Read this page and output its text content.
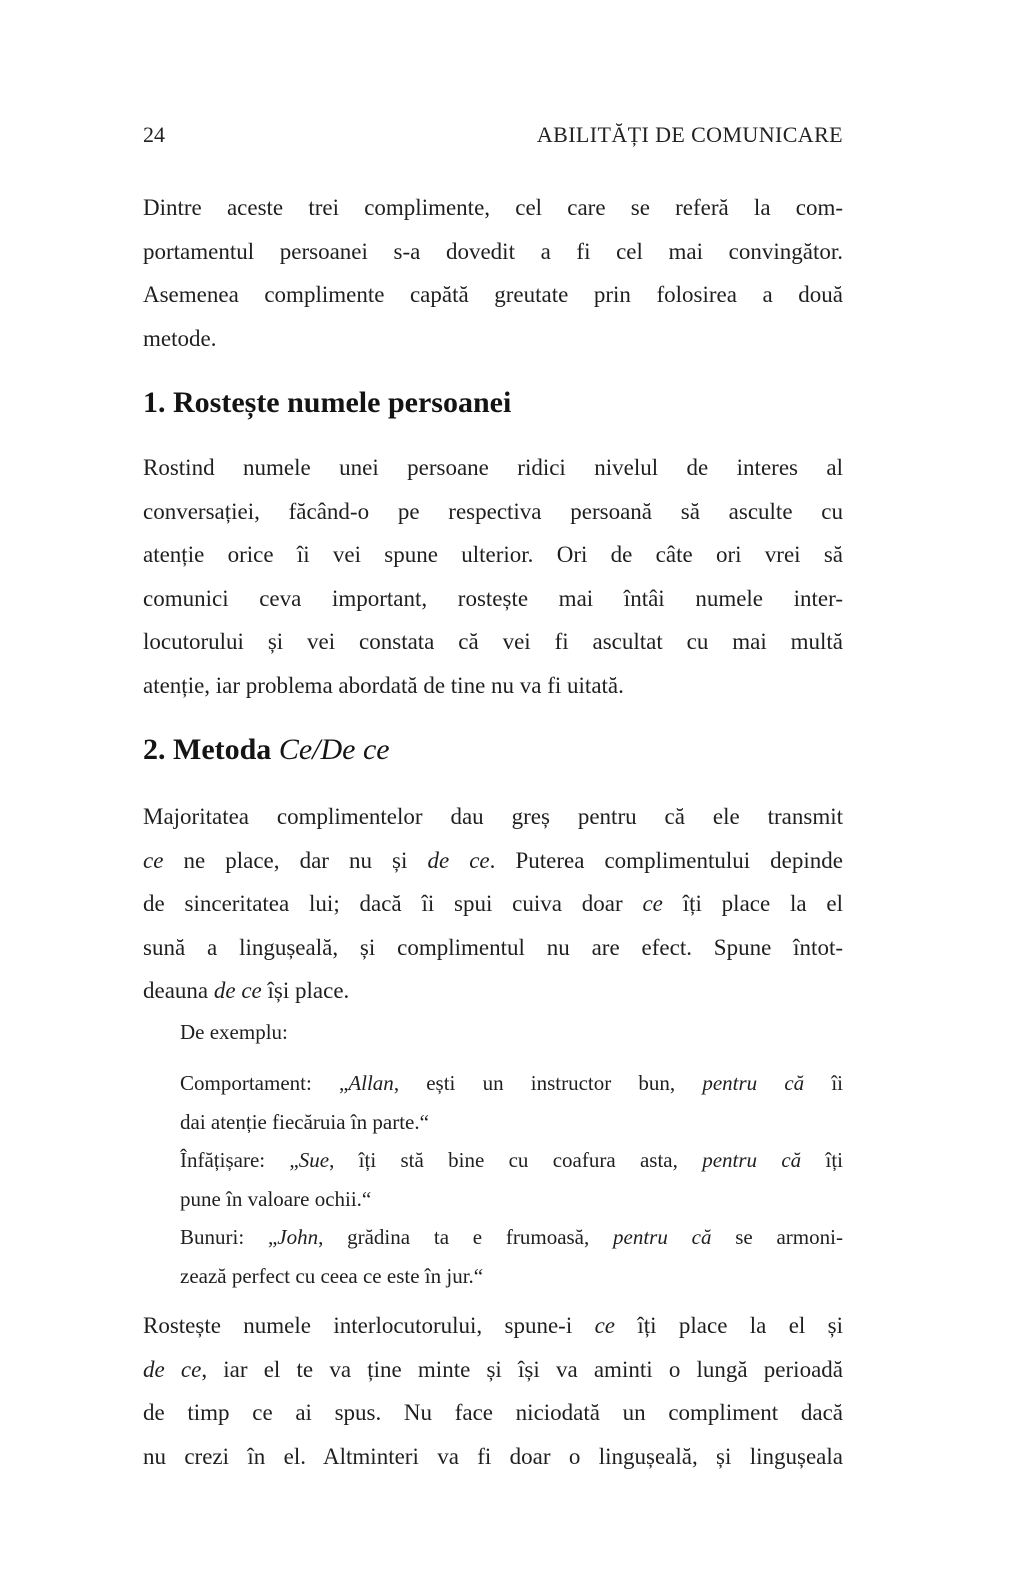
24	ABILITĂȚI DE COMUNICARE
Dintre aceste trei complimente, cel care se referă la com-
portamentul persoanei s-a dovedit a fi cel mai convingător.
Asemenea complimente capătă greutate prin folosirea a două
metode.
1. Rostește numele persoanei
Rostind numele unei persoane ridici nivelul de interes al
conversației, făcând-o pe respectiva persoană să asculte cu
atenție orice îi vei spune ulterior. Ori de câte ori vrei să
comunici ceva important, rostește mai întâi numele inter-
locutorului și vei constata că vei fi ascultat cu mai multă
atenție, iar problema abordată de tine nu va fi uitată.
2. Metoda Ce/De ce
Majoritatea complimentelor dau greș pentru că ele transmit
ce ne place, dar nu și de ce. Puterea complimentului depinde
de sinceritatea lui; dacă îi spui cuiva doar ce îți place la el
sună a lingușeală, și complimentul nu are efect. Spune întot-
deauna de ce își place.
De exemplu:
Comportament: „Allan, ești un instructor bun, pentru că îi
dai atenție fiecăruia în parte.“
Înfățișare: „Sue, îți stă bine cu coafura asta, pentru că îți
pune în valoare ochii.“
Bunuri: „John, grădina ta e frumoasă, pentru că se armoni-
zează perfect cu ceea ce este în jur.“
Rostește numele interlocutorului, spune-i ce îți place la el și
de ce, iar el te va ține minte și își va aminti o lungă perioadă
de timp ce ai spus. Nu face niciodată un compliment dacă
nu crezi în el. Altminteri va fi doar o lingușeală, și lingușeala
